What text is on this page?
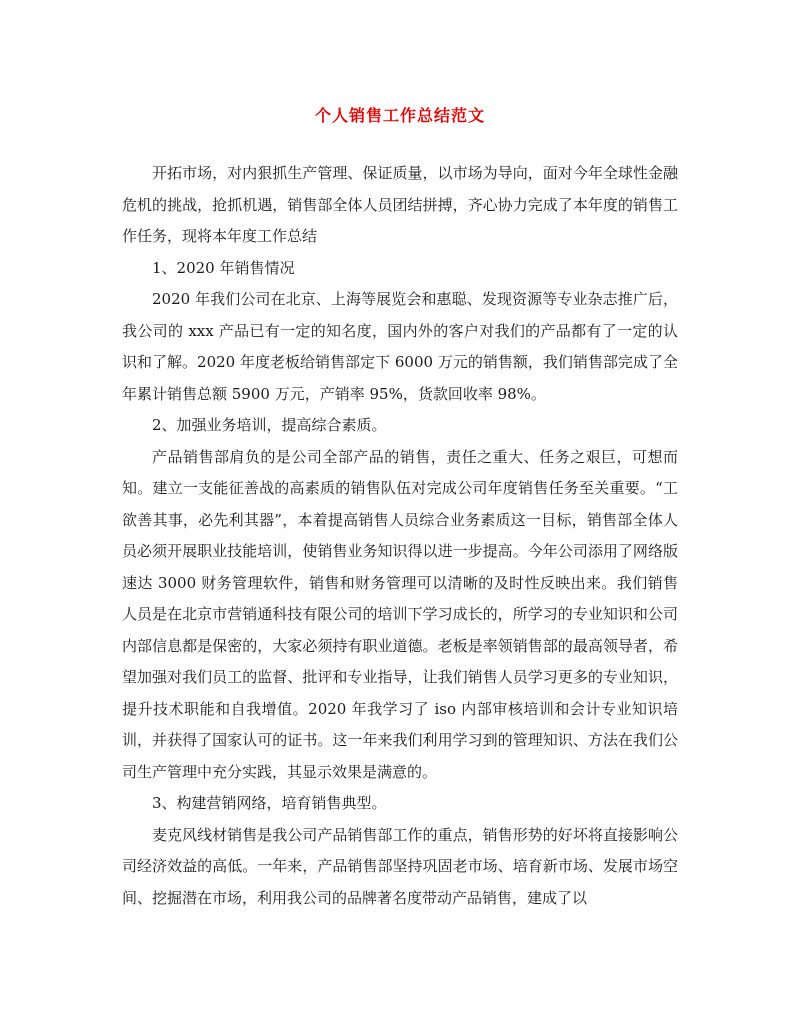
个人销售工作总结范文

开拓市场，对内狠抓生产管理、保证质量，以市场为导向，面对今年全球性金融危机的挑战，抢抓机遇，销售部全体人员团结拼搏，齐心协力完成了本年度的销售工作任务，现将本年度工作总结

1、2020 年销售情况

2020 年我们公司在北京、上海等展览会和惠聪、发现资源等专业杂志推广后，我公司的 xxx 产品已有一定的知名度，国内外的客户对我们的产品都有了一定的认识和了解。2020 年度老板给销售部定下 6000 万元的销售额，我们销售部完成了全年累计销售总额 5900 万元，产销率 95%，货款回收率 98%。

2、加强业务培训，提高综合素质。

产品销售部肩负的是公司全部产品的销售，责任之重大、任务之艰巨，可想而知。建立一支能征善战的高素质的销售队伍对完成公司年度销售任务至关重要。“工欲善其事，必先利其器”，本着提高销售人员综合业务素质这一目标，销售部全体人员必须开展职业技能培训，使销售业务知识得以进一步提高。今年公司添用了网络版速达 3000 财务管理软件，销售和财务管理可以清晰的及时性反映出来。我们销售人员是在北京市营销通科技有限公司的培训下学习成长的，所学习的专业知识和公司内部信息都是保密的，大家必须持有职业道德。老板是率领销售部的最高领导者，希望加强对我们员工的监督、批评和专业指导，让我们销售人员学习更多的专业知识，提升技术职能和自我增值。2020 年我学习了 iso 内部审核培训和会计专业知识培训，并获得了国家认可的证书。这一年来我们利用学习到的管理知识、方法在我们公司生产管理中充分实践，其显示效果是满意的。

3、构建营销网络，培育销售典型。

麦克风线材销售是我公司产品销售部工作的重点，销售形势的好坏将直接影响公司经济效益的高低。一年来，产品销售部坚持巩固老市场、培育新市场、发展市场空间、挖掘潜在市场，利用我公司的品牌著名度带动产品销售，建成了以
